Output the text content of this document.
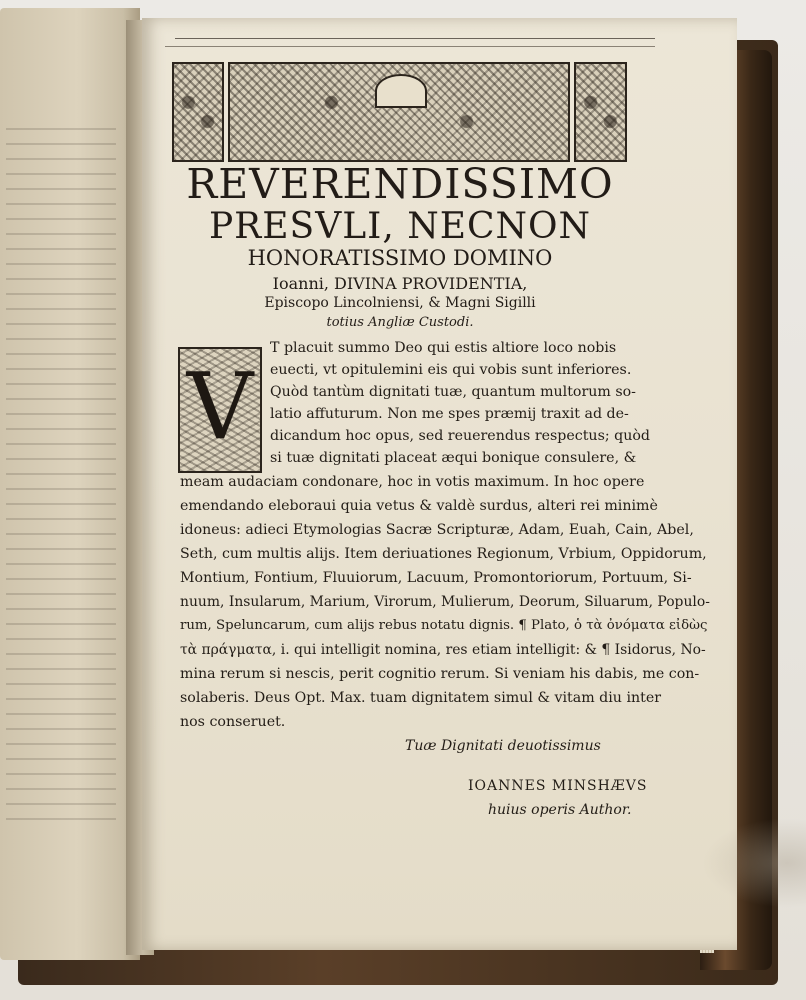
REVERENDISSIMO
PRESVLI, NECNON
HONORATISSIMO DOMINO
Ioanni, DIVINA PROVIDENTIA,
Episcopo Lincolniensi, & Magni Sigilli
totius Angliæ Custodi.
V
T placuit summo Deo qui estis altiore loco nobis
euecti, vt opitulemini eis qui vobis sunt inferiores.
Quòd tantùm dignitati tuæ, quantum multorum so-
latio affuturum. Non me spes præmij traxit ad de-
dicandum hoc opus, sed reuerendus respectus; quòd
si tuæ dignitati placeat æqui bonique consulere, &
meam audaciam condonare, hoc in votis maximum. In hoc opere
emendando eleboraui quia vetus & valdè surdus, alteri rei minimè
idoneus: adieci Etymologias Sacræ Scripturæ, Adam, Euah, Cain, Abel,
Seth, cum multis alijs. Item deriuationes Regionum, Vrbium, Oppidorum,
Montium, Fontium, Fluuiorum, Lacuum, Promontoriorum, Portuum, Si-
nuum, Insularum, Marium, Virorum, Mulierum, Deorum, Siluarum, Populo-
rum, Speluncarum, cum alijs rebus notatu dignis. ¶ Plato, ὁ τὰ ὀνόματα εἰδὼς
τὰ πράγματα, i. qui intelligit nomina, res etiam intelligit: & ¶ Isidorus, No-
mina rerum si nescis, perit cognitio rerum. Si veniam his dabis, me con-
solaberis. Deus Opt. Max. tuam dignitatem simul & vitam diu inter
nos conseruet.
Tuæ Dignitati deuotissimus
IOANNES MINSHÆVS
huius operis Author.
